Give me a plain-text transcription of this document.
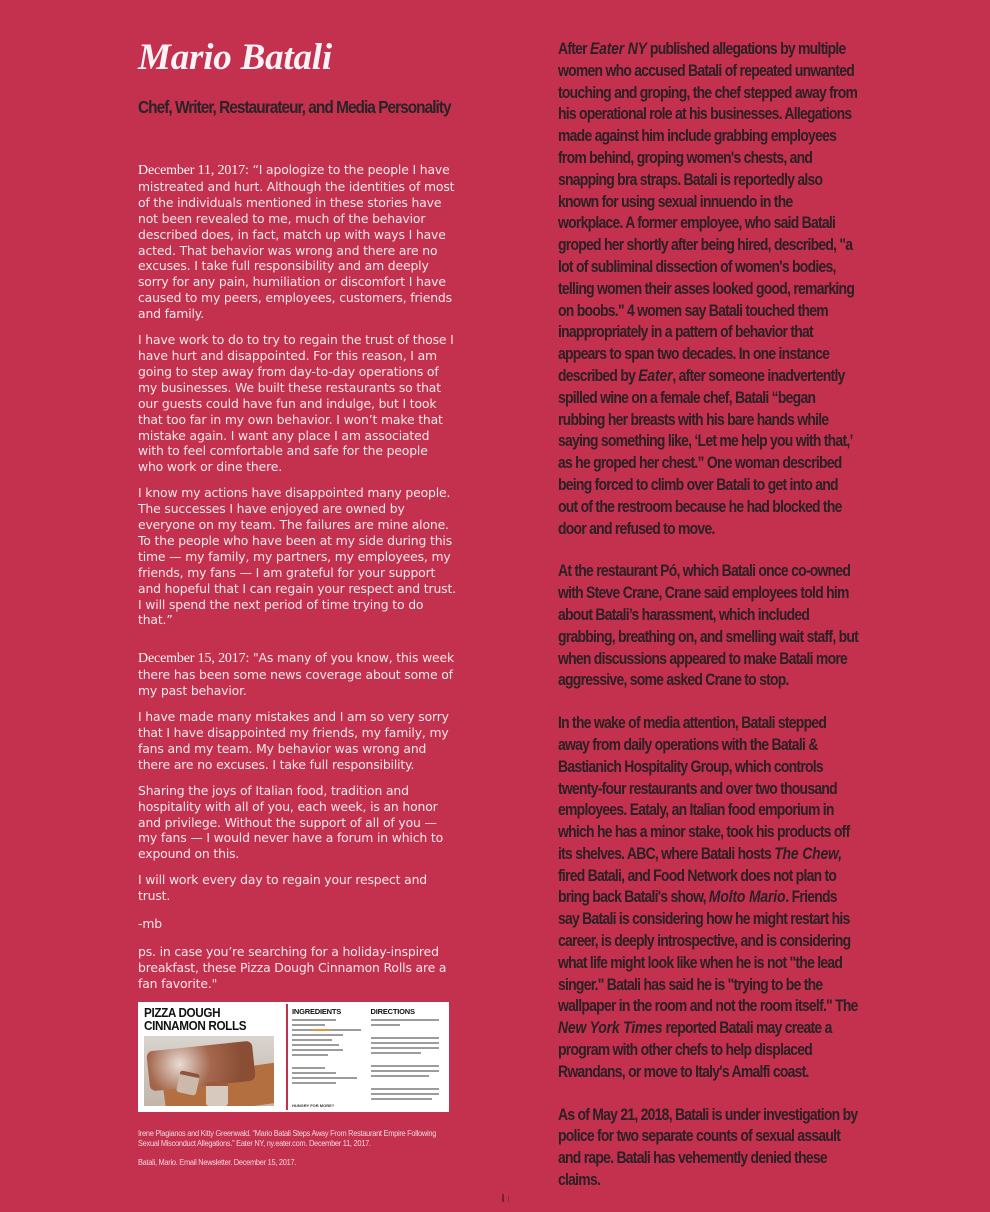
Mario Batali
Chef, Writer, Restaurateur, and Media Personality

December 11, 2017: “I apologize to the people I have mistreated and hurt. Although the identities of most of the individuals mentioned in these stories have not been revealed to me, much of the behavior described does, in fact, match up with ways I have acted. That behavior was wrong and there are no excuses. I take full responsibility and am deeply sorry for any pain, humiliation or discomfort I have caused to my peers, employees, customers, friends and family.

I have work to do to try to regain the trust of those I have hurt and disappointed. For this reason, I am going to step away from day-to-day operations of my businesses. We built these restaurants so that our guests could have fun and indulge, but I took that too far in my own behavior. I won’t make that mistake again. I want any place I am associated with to feel comfortable and safe for the people who work or dine there.

I know my actions have disappointed many people. The successes I have enjoyed are owned by everyone on my team. The failures are mine alone. To the people who have been at my side during this time — my family, my partners, my employees, my friends, my fans — I am grateful for your support and hopeful that I can regain your respect and trust. I will spend the next period of time trying to do that.”

December 15, 2017: "As many of you know, this week there has been some news coverage about some of my past behavior.

I have made many mistakes and I am so very sorry that I have disappointed my friends, my family, my fans and my team. My behavior was wrong and there are no excuses. I take full responsibility.

Sharing the joys of Italian food, tradition and hospitality with all of you, each week, is an honor and privilege. Without the support of all of you — my fans — I would never have a forum in which to expound on this.

I will work every day to regain your respect and trust.

-mb

ps. in case you’re searching for a holiday-inspired breakfast, these Pizza Dough Cinnamon Rolls are a fan favorite."

PIZZA DOUGH
CINNAMON ROLLS
INGREDIENTS	DIRECTIONS
HUNGRY FOR MORE?

Irene Plagianos and Kitty Greenwald. “Mario Batali Steps Away From Restaurant Empire Following Sexual Misconduct Allegations.” Eater NY, ny.eater.com. December 11, 2017.

Batali, Mario. Email Newsletter. December 15, 2017.

After Eater NY published allegations by multiple women who accused Batali of repeated unwanted touching and groping, the chef stepped away from his operational role at his businesses. Allegations made against him include grabbing employees from behind, groping women's chests, and snapping bra straps. Batali is reportedly also known for using sexual innuendo in the workplace. A former employee, who said Batali groped her shortly after being hired, described, "a lot of subliminal dissection of women's bodies, telling women their asses looked good, remarking on boobs." 4 women say Batali touched them inappropriately in a pattern of behavior that appears to span two decades. In one instance described by Eater, after someone inadvertently spilled wine on a female chef, Batali “began rubbing her breasts with his bare hands while saying something like, ‘Let me help you with that,’ as he groped her chest.” One woman described being forced to climb over Batali to get into and out of the restroom because he had blocked the door and refused to move.

At the restaurant Pó, which Batali once co-owned with Steve Crane, Crane said employees told him about Batali’s harassment, which included grabbing, breathing on, and smelling wait staff, but when discussions appeared to make Batali more aggressive, some asked Crane to stop.

In the wake of media attention, Batali stepped away from daily operations with the Batali & Bastianich Hospitality Group, which controls twenty-four restaurants and over two thousand employees. Eataly, an Italian food emporium in which he has a minor stake, took his products off its shelves. ABC, where Batali hosts The Chew, fired Batali, and Food Network does not plan to bring back Batali's show, Molto Mario. Friends say Batali is considering how he might restart his career, is deeply introspective, and is considering what life might look like when he is not "the lead singer." Batali has said he is "trying to be the wallpaper in the room and not the room itself." The New York Times reported Batali may create a program with other chefs to help displaced Rwandans, or move to Italy's Amalfi coast.

As of May 21, 2018, Batali is under investigation by police for two separate counts of sexual assault and rape. Batali has vehemently denied these claims.
